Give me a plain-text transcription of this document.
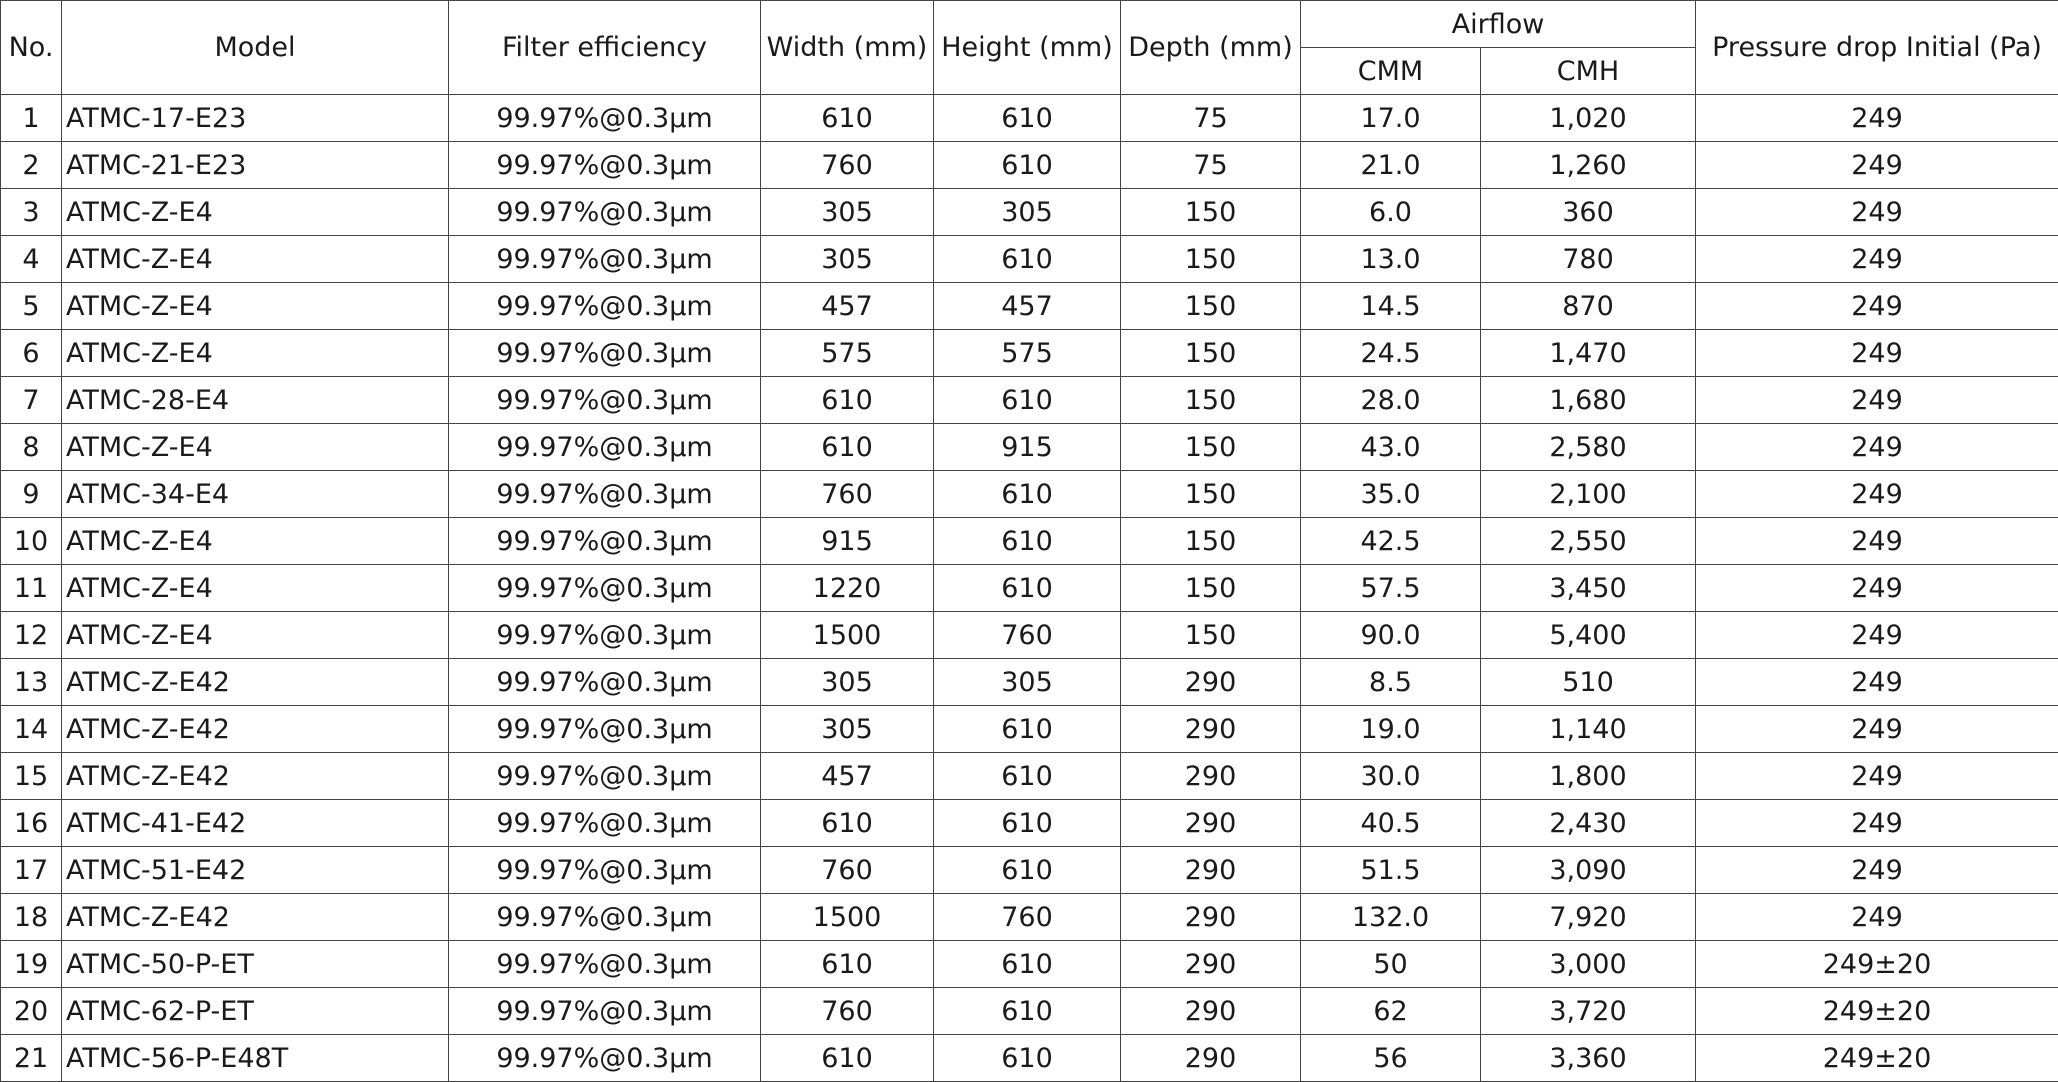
No.	Model	Filter efficiency	Width (mm)	Height (mm)	Depth (mm)	Airflow		Pressure drop Initial (Pa)
						CMM	CMH	
1	ATMC-17-E23	99.97%@0.3μm	610	610	75	17.0	1,020	249
2	ATMC-21-E23	99.97%@0.3μm	760	610	75	21.0	1,260	249
3	ATMC-Z-E4	99.97%@0.3μm	305	305	150	6.0	360	249
4	ATMC-Z-E4	99.97%@0.3μm	305	610	150	13.0	780	249
5	ATMC-Z-E4	99.97%@0.3μm	457	457	150	14.5	870	249
6	ATMC-Z-E4	99.97%@0.3μm	575	575	150	24.5	1,470	249
7	ATMC-28-E4	99.97%@0.3μm	610	610	150	28.0	1,680	249
8	ATMC-Z-E4	99.97%@0.3μm	610	915	150	43.0	2,580	249
9	ATMC-34-E4	99.97%@0.3μm	760	610	150	35.0	2,100	249
10	ATMC-Z-E4	99.97%@0.3μm	915	610	150	42.5	2,550	249
11	ATMC-Z-E4	99.97%@0.3μm	1220	610	150	57.5	3,450	249
12	ATMC-Z-E4	99.97%@0.3μm	1500	760	150	90.0	5,400	249
13	ATMC-Z-E42	99.97%@0.3μm	305	305	290	8.5	510	249
14	ATMC-Z-E42	99.97%@0.3μm	305	610	290	19.0	1,140	249
15	ATMC-Z-E42	99.97%@0.3μm	457	610	290	30.0	1,800	249
16	ATMC-41-E42	99.97%@0.3μm	610	610	290	40.5	2,430	249
17	ATMC-51-E42	99.97%@0.3μm	760	610	290	51.5	3,090	249
18	ATMC-Z-E42	99.97%@0.3μm	1500	760	290	132.0	7,920	249
19	ATMC-50-P-ET	99.97%@0.3μm	610	610	290	50	3,000	249±20
20	ATMC-62-P-ET	99.97%@0.3μm	760	610	290	62	3,720	249±20
21	ATMC-56-P-E48T	99.97%@0.3μm	610	610	290	56	3,360	249±20
